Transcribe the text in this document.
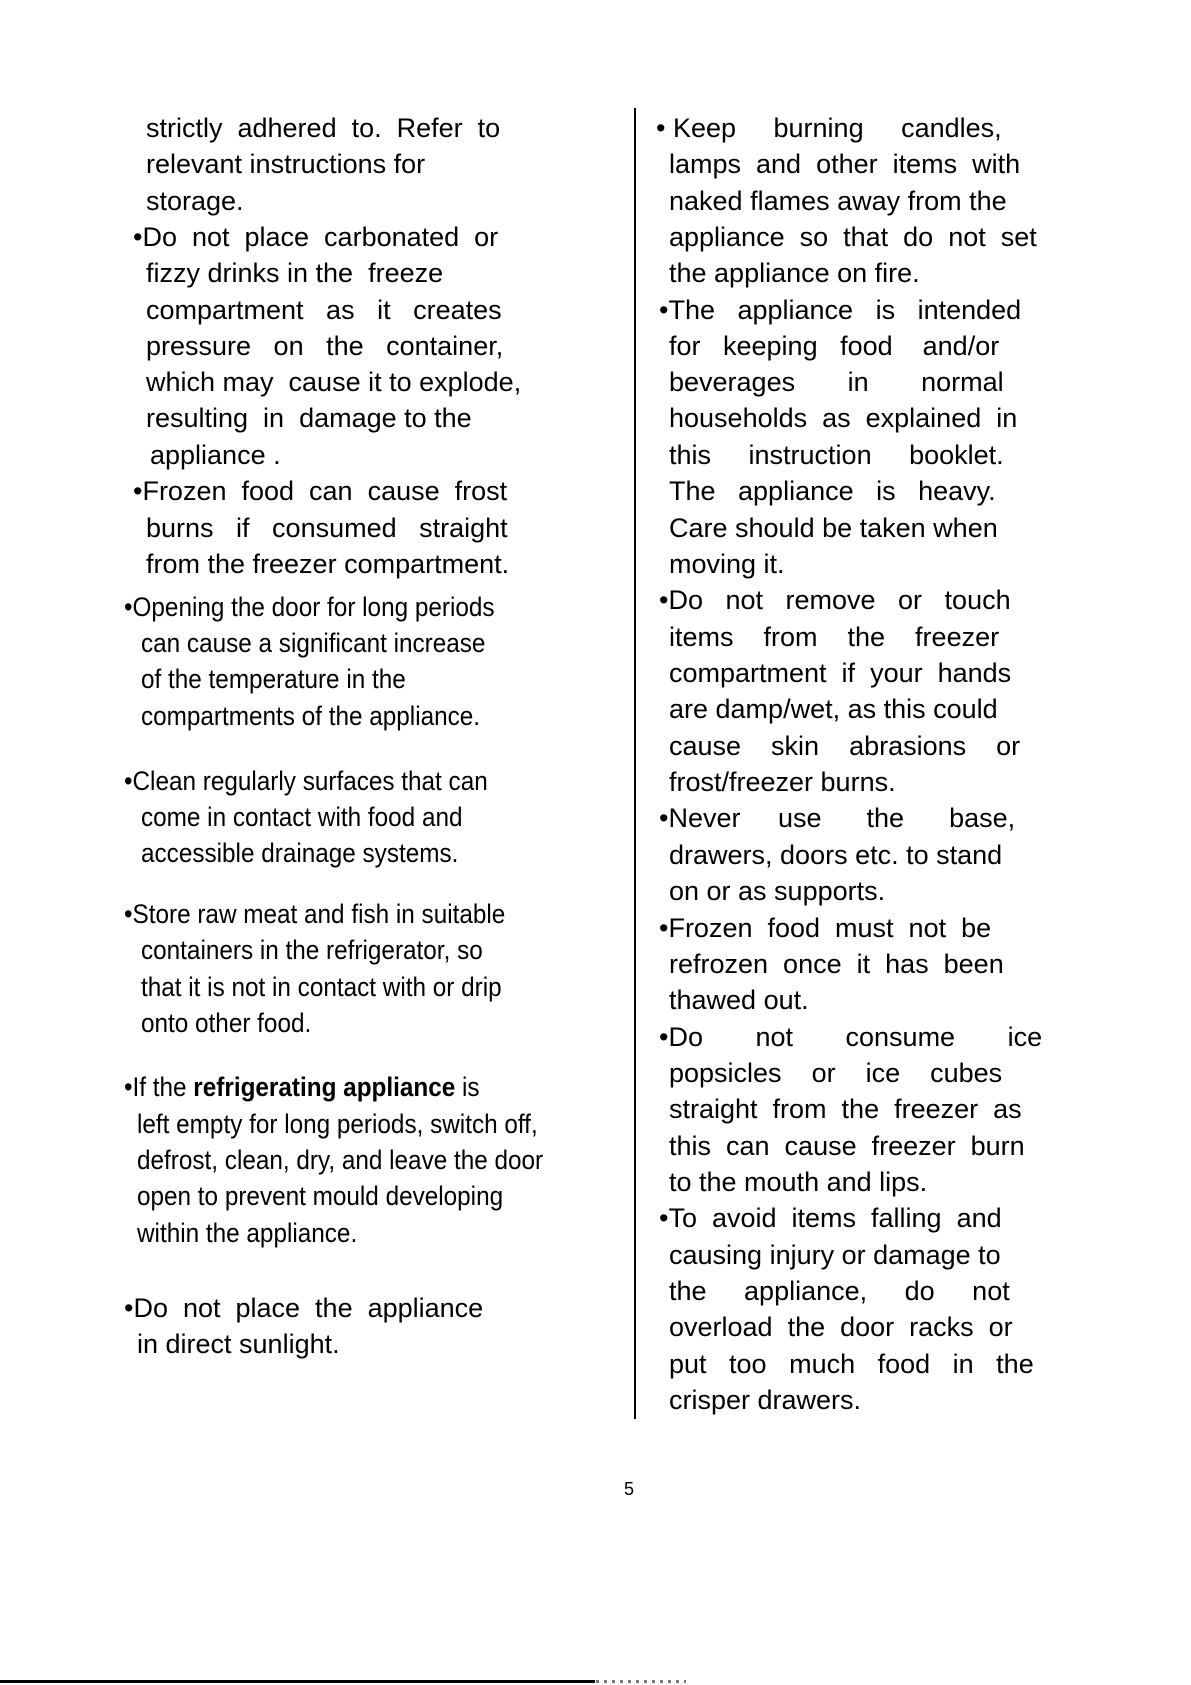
strictly  adhered  to.  Refer  to
relevant instructions for
storage.
•Do  not  place  carbonated  or
fizzy drinks in the  freeze
compartment   as   it   creates
pressure   on   the   container,
which may  cause it to explode,
resulting  in  damage to the
appliance .
•Frozen  food  can  cause  frost
burns   if   consumed   straight
from the freezer compartment.
•Opening the door for long periods
can cause a significant increase
of the temperature in the
compartments of the appliance.
•Clean regularly surfaces that can
come in contact with food and
accessible drainage systems.
•Store raw meat and fish in suitable
containers in the refrigerator, so
that it is not in contact with or drip
onto other food.
•If the refrigerating appliance is
left empty for long periods, switch off,
defrost, clean, dry, and leave the door
open to prevent mould developing
within the appliance.
•Do  not  place  the  appliance
in direct sunlight.
• Keep     burning     candles,
lamps  and  other  items  with
naked flames away from the
appliance  so  that  do  not  set
the appliance on fire.
•The   appliance   is   intended
for   keeping   food    and/or
beverages       in       normal
households  as  explained  in
this     instruction     booklet.
The   appliance   is   heavy.
Care should be taken when
moving it.
•Do   not   remove   or   touch
items    from    the    freezer
compartment  if  your  hands
are damp/wet, as this could
cause    skin    abrasions    or
frost/freezer burns.
•Never     use      the      base,
drawers, doors etc. to stand
on or as supports.
•Frozen  food  must  not  be
refrozen  once  it  has  been
thawed out.
•Do       not       consume       ice
popsicles    or    ice    cubes
straight  from  the  freezer  as
this  can  cause  freezer  burn
to the mouth and lips.
•To  avoid  items  falling  and
causing injury or damage to
the     appliance,     do     not
overload  the  door  racks  or
put   too   much   food   in   the
crisper drawers.
5
